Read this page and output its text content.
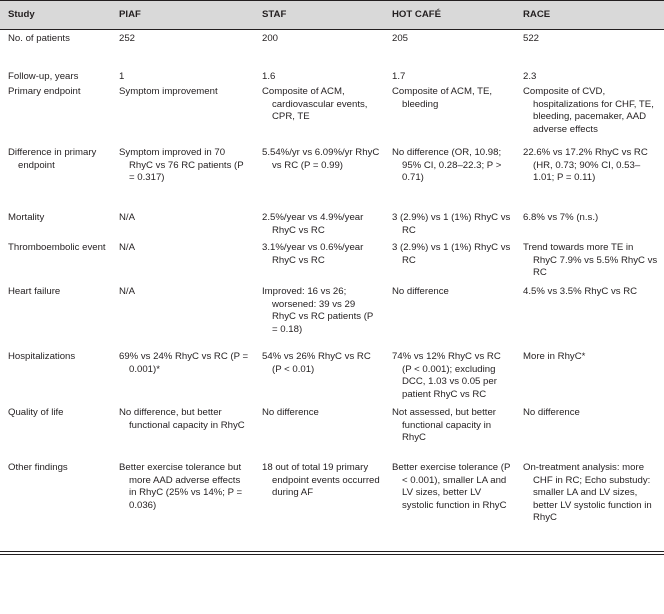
Study	PIAF	STAF	HOT CAFÉ	RACE

No. of patients	252	200	205	522

Follow-up, years	1	1.6	1.7	2.3

Primary endpoint	Symptom improvement	Composite of ACM, cardiovascular events, CPR, TE	Composite of ACM, TE, bleeding	Composite of CVD, hospitalizations for CHF, TE, bleeding, pacemaker, AAD adverse effects

Difference in primary endpoint	Symptom improved in 70 RhyC vs 76 RC patients (P = 0.317)	5.54%/yr vs 6.09%/yr RhyC vs RC (P = 0.99)	No difference (OR, 10.98; 95% CI, 0.28–22.3; P > 0.71)	22.6% vs 17.2% RhyC vs RC (HR, 0.73; 90% CI, 0.53–1.01; P = 0.11)

Mortality	N/A	2.5%/year vs 4.9%/year RhyC vs RC	3 (2.9%) vs 1 (1%) RhyC vs RC	6.8% vs 7% (n.s.)

Thromboembolic event	N/A	3.1%/year vs 0.6%/year RhyC vs RC	3 (2.9%) vs 1 (1%) RhyC vs RC	Trend towards more TE in RhyC 7.9% vs 5.5% RhyC vs RC

Heart failure	N/A	Improved: 16 vs 26; worsened: 39 vs 29 RhyC vs RC patients (P = 0.18)	No difference	4.5% vs 3.5% RhyC vs RC

Hospitalizations	69% vs 24% RhyC vs RC (P = 0.001)*	54% vs 26% RhyC vs RC (P < 0.01)	74% vs 12% RhyC vs RC (P < 0.001); excluding DCC, 1.03 vs 0.05 per patient RhyC vs RC	More in RhyC*

Quality of life	No difference, but better functional capacity in RhyC	No difference	Not assessed, but better functional capacity in RhyC	No difference

Other findings	Better exercise tolerance but more AAD adverse effects in RhyC (25% vs 14%; P = 0.036)	18 out of total 19 primary endpoint events occurred during AF	Better exercise tolerance (P < 0.001), smaller LA and LV sizes, better LV systolic function in RhyC	On-treatment analysis: more CHF in RC; Echo substudy: smaller LA and LV sizes, better LV systolic function in RhyC
